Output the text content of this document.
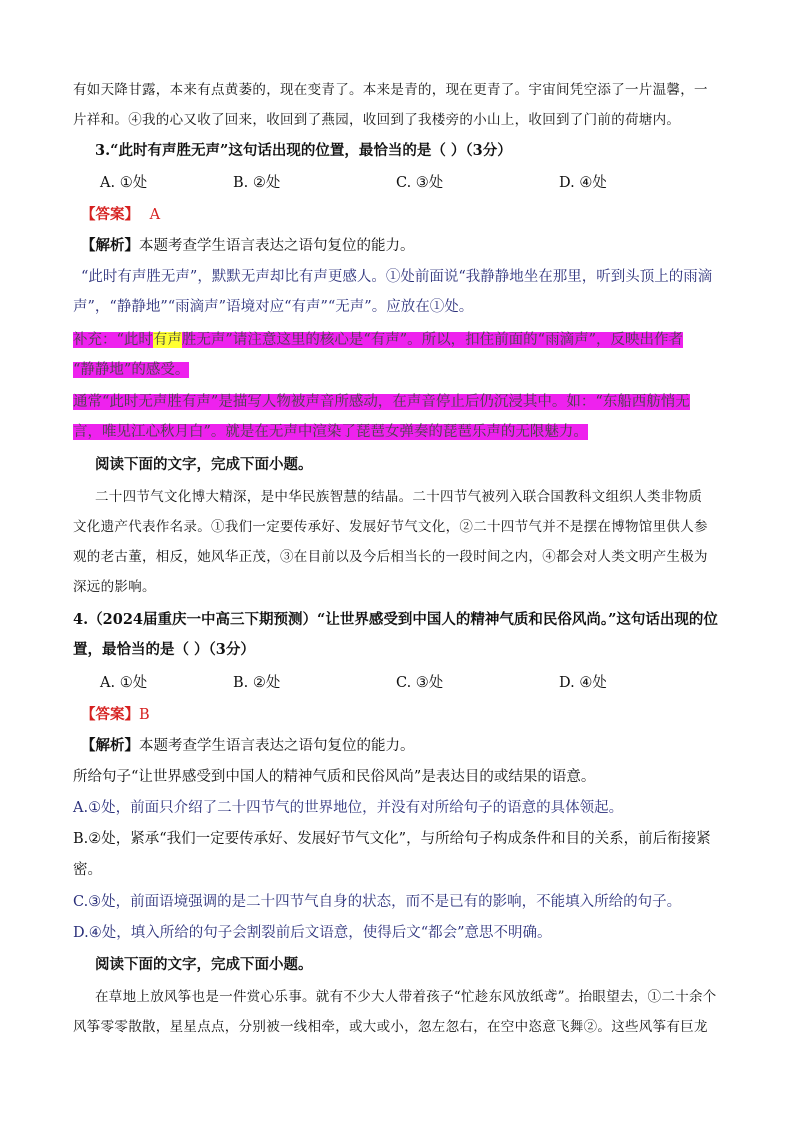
有如天降甘露，本来有点黄萎的，现在变青了。本来是青的，现在更青了。宇宙间凭空添了一片温馨，一
片祥和。④我的心又收了回来，收回到了燕园，收回到了我楼旁的小山上，收回到了门前的荷塘内。
3.“此时有声胜无声”这句话出现的位置，最恰当的是（ ）（3分）
A. ①处	B. ②处	C. ③处	D. ④处
【答案】 A
【解析】本题考查学生语言表达之语句复位的能力。
“此时有声胜无声”，默默无声却比有声更感人。①处前面说“我静静地坐在那里，听到头顶上的雨滴
声”，“静静地”“雨滴声”语境对应“有声”“无声”。应放在①处。
补充：“此时有声胜无声”请注意这里的核心是“有声”。所以，扣住前面的“雨滴声”，反映出作者
“静静地”的感受。
通常“此时无声胜有声”是描写人物被声音所感动，在声音停止后仍沉浸其中。如：“东船西舫悄无
言，唯见江心秋月白”。就是在无声中渲染了琵琶女弹奏的琵琶乐声的无限魅力。
阅读下面的文字，完成下面小题。
二十四节气文化博大精深，是中华民族智慧的结晶。二十四节气被列入联合国教科文组织人类非物质
文化遗产代表作名录。①我们一定要传承好、发展好节气文化，②二十四节气并不是摆在博物馆里供人参
观的老古董，相反，她风华正茂，③在目前以及今后相当长的一段时间之内，④都会对人类文明产生极为
深远的影响。
4.（2024届重庆一中高三下期预测）“让世界感受到中国人的精神气质和民俗风尚。”这句话出现的位
置，最恰当的是（ ）（3分）
A. ①处	B. ②处	C. ③处	D. ④处
【答案】B
【解析】本题考查学生语言表达之语句复位的能力。
所给句子“让世界感受到中国人的精神气质和民俗风尚”是表达目的或结果的语意。
A.①处，前面只介绍了二十四节气的世界地位，并没有对所给句子的语意的具体领起。
B.②处，紧承“我们一定要传承好、发展好节气文化”，与所给句子构成条件和目的关系，前后衔接紧
密。
C.③处，前面语境强调的是二十四节气自身的状态，而不是已有的影响，不能填入所给的句子。
D.④处，填入所给的句子会割裂前后文语意，使得后文“都会”意思不明确。
阅读下面的文字，完成下面小题。
在草地上放风筝也是一件赏心乐事。就有不少大人带着孩子“忙趁东风放纸鸢”。抬眼望去，①二十余个
风筝零零散散，星星点点，分别被一线相牵，或大或小，忽左忽右，在空中恣意飞舞②。这些风筝有巨龙
